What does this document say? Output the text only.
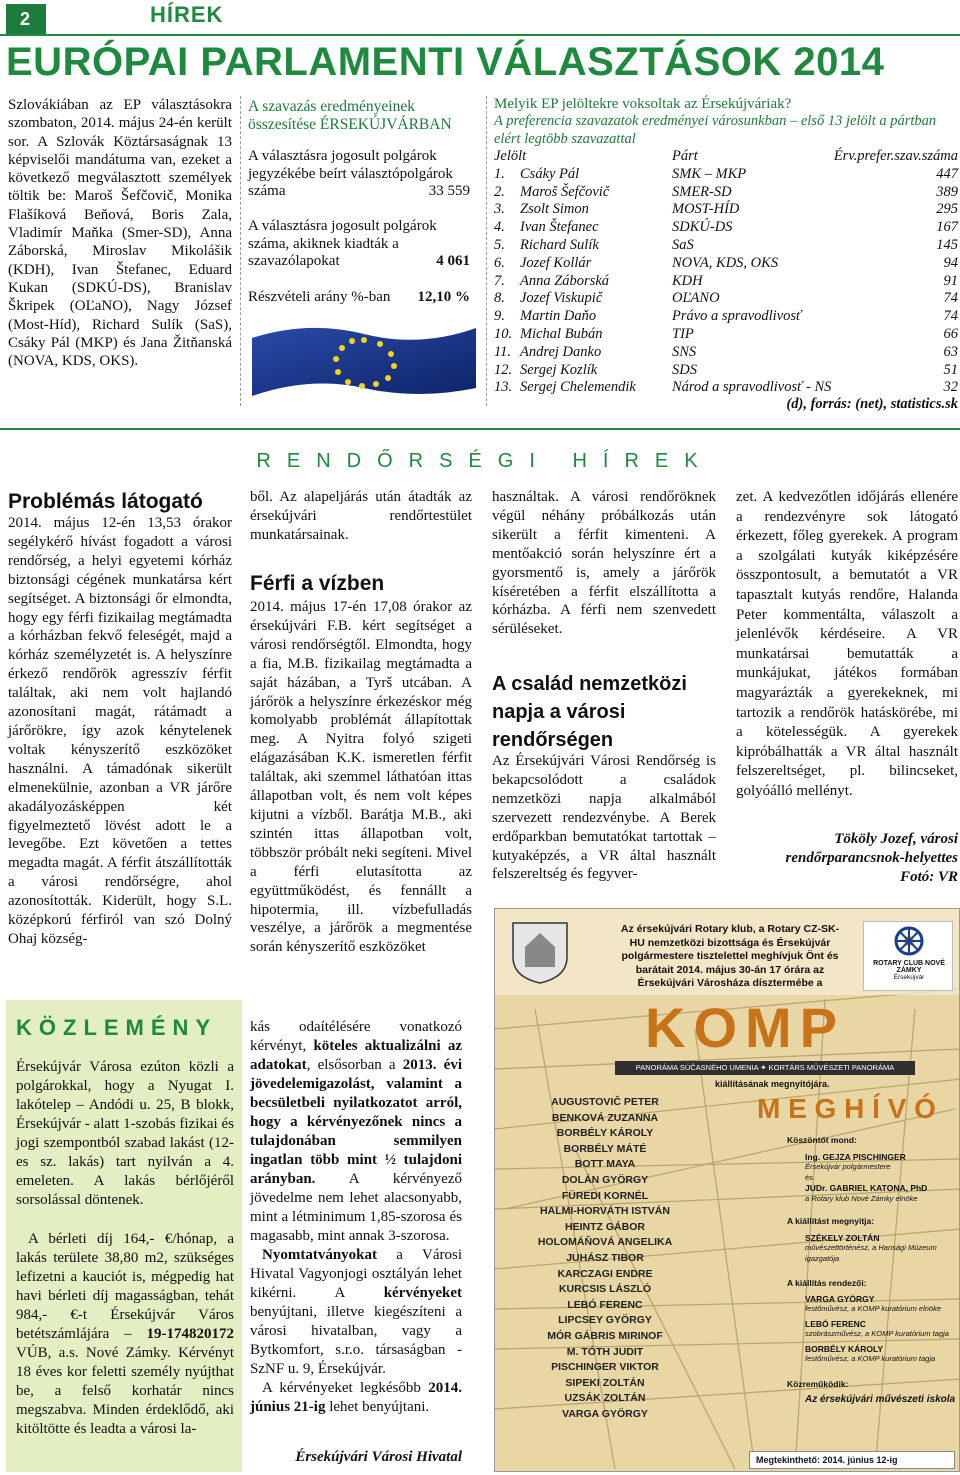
2	HÍREK
EURÓPAI PARLAMENTI VÁLASZTÁSOK 2014
Szlovákiában az EP választásokra szombaton, 2014. május 24-én került sor. A Szlovák Köztársaságnak 13 képviselői mandátuma van, ezeket a következő megválasztott személyek töltik be: Maroš Šefčovič, Monika Flašíková Beňová, Boris Zala, Vladimír Maňka (Smer-SD), Anna Záborská, Miroslav Mikolášik (KDH), Ivan Štefanec, Eduard Kukan (SDKÚ-DS), Branislav Škripek (OĽaNO), Nagy József (Most-Híd), Richard Sulík (SaS), Csáky Pál (MKP) és Jana Žitňanská (NOVA, KDS, OKS).
A szavazás eredményeinek összesítése ÉRSEKÚJVÁRBAN
A választásra jogosult polgárok jegyzékébe beírt választópolgárok száma	33 559
A választásra jogosult polgárok száma, akiknek kiadták a szavazólapokat	4 061
Részvételi arány %-ban	12,10 %
Melyik EP jelöltekre voksoltak az Érsekújváriak?
A preferencia szavazatok eredményei városunkban – első 13 jelölt a pártban elért legtöbb szavazattal
Jelölt		Párt	Érv.prefer.szav.száma
1.	Csáky Pál	SMK – MKP	447
2.	Maroš Šefčovič	SMER-SD	389
3.	Zsolt Simon	MOST-HÍD	295
4.	Ivan Štefanec	SDKÚ-DS	167
5.	Richard Sulík	SaS	145
6.	Jozef Kollár	NOVA, KDS, OKS	94
7.	Anna Záborská	KDH	91
8.	Jozef Viskupič	OĽANO	74
9.	Martin Daňo	Právo a spravodlivosť	74
10.	Michal Bubán	TIP	66
11.	Andrej Danko	SNS	63
12.	Sergej Kozlík	SDS	51
13.	Sergej Chelemendik	Národ a spravodlivosť - NS	32
(d), forrás: (net), statistics.sk
RENDŐRSÉGI HÍREK
Problémás látogató
2014. május 12-én 13,53 órakor segélykérő hívást fogadott a városi rendőrség, a helyi egyetemi kórház biztonsági cégének munkatársa kért segítséget. A biztonsági őr elmondta, hogy egy férfi fizikailag megtámadta a kórházban fekvő feleségét, majd a kórház személyzetét is. A helyszínre érkező rendőrök agresszív férfit találtak, aki nem volt hajlandó azonosítani magát, rátámadt a járőrökre, így azok kénytelenek voltak kényszerítő eszközöket használni. A támadónak sikerült elmenekülnie, azonban a VR járőre akadályozásképpen két figyelmeztető lövést adott le a levegőbe. Ezt követően a tettes megadta magát. A férfit átszállították a városi rendőrségre, ahol azonosították. Kiderült, hogy S.L. középkorú férfiról van szó Dolný Ohaj község-
ből. Az alapeljárás után átadták az érsekújvári rendőrtestület munkatársainak.
Férfi a vízben
2014. május 17-én 17,08 órakor az érsekújvári F.B. kért segítséget a városi rendőrségtől. Elmondta, hogy a fia, M.B. fizikailag megtámadta a saját házában, a Tyrš utcában. A járőrök a helyszínre érkezéskor még komolyabb problémát állapítottak meg. A Nyitra folyó szigeti elágazásában K.K. ismeretlen férfit találtak, aki szemmel láthatóan ittas állapotban volt, és nem volt képes kijutni a vízből. Barátja M.B., aki szintén ittas állapotban volt, többször próbált neki segíteni. Mivel a férfi elutasította az együttműködést, és fennállt a hipotermia, ill. vízbefulladás veszélye, a járőrök a megmentése során kényszerítő eszközöket
használtak. A városi rendőröknek végül néhány próbálkozás után sikerült a férfit kimenteni. A mentőakció során helyszínre ért a gyorsmentő is, amely a járőrök kíséretében a férfit elszállította a kórházba. A férfi nem szenvedett sérüléseket.
A család nemzetközi napja a városi rendőrségen
Az Érsekújvári Városi Rendőrség is bekapcsolódott a családok nemzetközi napja alkalmából szervezett rendezvénybe. A Berek erdőparkban bemutatókat tartottak – kutyaképzés, a VR által használt felszereltség és fegyver-
zet. A kedvezőtlen időjárás ellenére a rendezvényre sok látogató érkezett, főleg gyerekek. A program a szolgálati kutyák kiképzésére összpontosult, a bemutatót a VR tapasztalt kutyás rendőre, Halanda Peter kommentálta, válaszolt a jelenlévők kérdéseire. A VR munkatársai bemutatták a munkájukat, játékos formában magyarázták a gyerekeknek, mi tartozik a rendőrök hatáskörébe, mi a kötelességük. A gyerekek kipróbálhatták a VR által használt felszereltséget, pl. bilincseket, golyóálló mellényt.
Tököly Jozef, városi rendőrparancsnok-helyettes
Fotó: VR
KÖZLEMÉNY
Érsekújvár Városa ezúton közli a polgárokkal, hogy a Nyugat I. lakótelep – Andódi u. 25, B blokk, Érsekújvár - alatt 1-szobás fizikai és jogi szempontból szabad lakást (12-es sz. lakás) tart nyilván a 4. emeleten. A lakás bérlőjéről sorsolással döntenek.
A bérleti díj 164,- €/hónap, a lakás területe 38,80 m2, szükséges lefizetni a kauciót is, mégpedig hat havi bérleti díj magasságban, tehát 984,- €-t Érsekújvár Város betétszámlájára – 19-174820172 VÚB, a.s. Nové Zámky. Kérvényt 18 éves kor feletti személy nyújthat be, a felső korhatár nincs megszabva. Minden érdeklődő, aki kitöltötte és leadta a városi la-
kás odaítélésére vonatkozó kérvényt, köteles aktualizálni az adatokat, elsősorban a 2013. évi jövedelemigazolást, valamint a becsületbeli nyilatkozatot arról, hogy a kérvényezőnek nincs a tulajdonában semmilyen ingatlan több mint ½ tulajdoni arányban. A kérvényező jövedelme nem lehet alacsonyabb, mint a létminimum 1,85-szorosa és magasabb, mint annak 3-szorosa.
Nyomtatványokat a Városi Hivatal Vagyonjogi osztályán lehet kikérni. A kérvényeket benyújtani, illetve kiegészíteni a városi hivatalban, vagy a Bytkomfort, s.r.o. társaságban - SzNF u. 9, Érsekújvár.
A kérvényeket legkésőbb 2014. június 21-ig lehet benyújtani.
Érsekújvári Városi Hivatal
Az érsekújvári Rotary klub, a Rotary CZ-SK-HU nemzetközi bizottsága és Érsekújvár polgármestere tisztelettel meghívjuk Önt és barátait 2014. május 30-án 17 órára az Érsekújvári Városháza dísztermébe a
ROTARY CLUB NOVÉ ZÁMKY
Érsekújvár
KOMP
PANORÁMA SÚČASNÉHO UMENIA ✦ KORTÁRS MŰVÉSZETI PANORÁMA
kiállításának megnyitójára.
M E G H Í V Ó
AUGUSTOVIČ PETER
BENKOVÁ ZUZANNA
BORBÉLY KÁROLY
BORBÉLY MÁTÉ
BOTT MAYA
DOLÁN GYÖRGY
FÜREDI KORNÉL
HALMI-HORVÁTH ISTVÁN
HEINTZ GÁBOR
HOLOMÁŇOVÁ ANGELIKA
JUHÁSZ TIBOR
KARCZAGI ENDRE
KURCSIS LÁSZLÓ
LEBÓ FERENC
LIPCSEY GYÖRGY
MÓR GÁBRIS MIRINOF
M. TÓTH JUDIT
PISCHINGER VIKTOR
SIPEKI ZOLTÁN
UZSÁK ZOLTÁN
VARGA GYÖRGY
Köszöntőt mond:
Ing. GEJZA PISCHINGER
Érsekújvár polgármestere
és
JUDr. GABRIEL KATONA, PhD
a Rotary klub Nové Zámky elnöke
A kiállítást megnyitja:
SZÉKELY ZOLTÁN
művészettörténész, a Hansági Múzeum igazgatója
A kiállítás rendezői:
VARGA GYÖRGY
festőművész, a KOMP kuratórium elnöke
LEBÓ FERENC
szobrászművész, a KOMP kuratórium tagja
BORBÉLY KÁROLY
festőművész, a KOMP kuratórium tagja
Közreműködik:
Az érsekújvári művészeti iskola
Megtekinthető: 2014. június 12-ig
